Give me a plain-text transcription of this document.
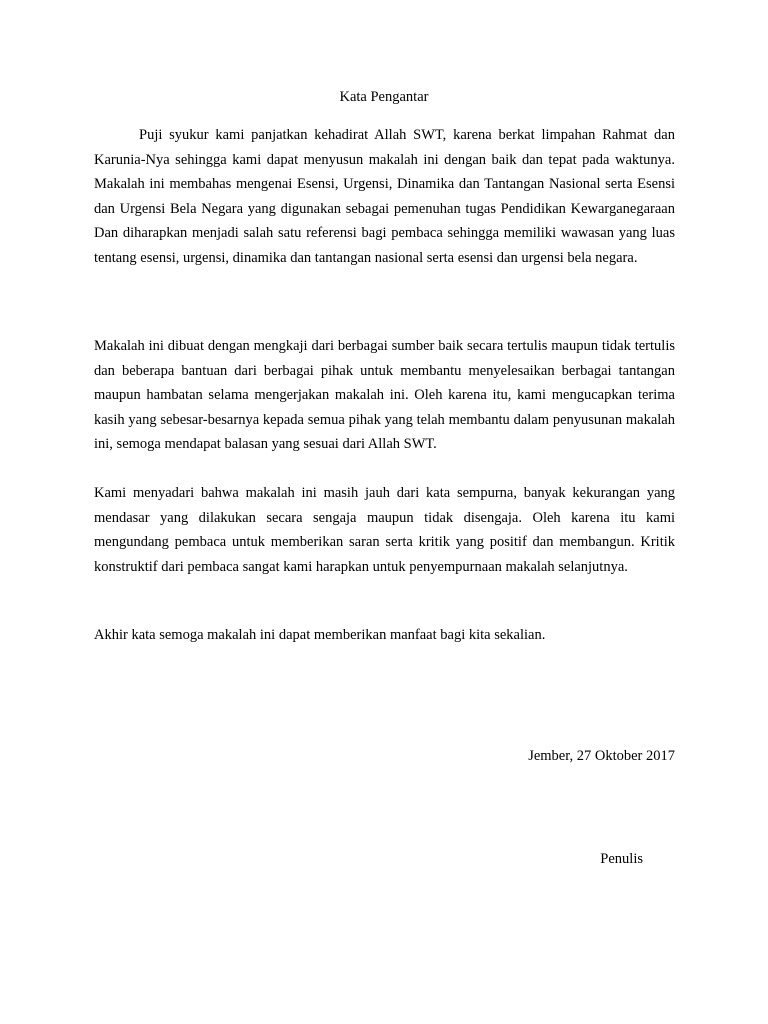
Kata Pengantar

Puji syukur kami panjatkan kehadirat Allah SWT, karena berkat limpahan Rahmat dan Karunia-Nya sehingga kami dapat menyusun makalah ini dengan baik dan tepat pada waktunya. Makalah ini membahas mengenai Esensi, Urgensi, Dinamika dan Tantangan Nasional serta Esensi dan Urgensi Bela Negara yang digunakan sebagai pemenuhan tugas Pendidikan Kewarganegaraan Dan diharapkan menjadi salah satu referensi bagi pembaca sehingga memiliki wawasan yang luas tentang esensi, urgensi, dinamika dan tantangan nasional serta esensi dan urgensi bela negara.

Makalah ini dibuat dengan mengkaji dari berbagai sumber baik secara tertulis maupun tidak tertulis dan beberapa bantuan dari berbagai pihak untuk membantu menyelesaikan berbagai tantangan maupun hambatan selama mengerjakan makalah ini. Oleh karena itu, kami mengucapkan terima kasih yang sebesar-besarnya kepada semua pihak yang telah membantu dalam penyusunan makalah ini, semoga mendapat balasan yang sesuai dari Allah SWT.

Kami menyadari bahwa makalah ini masih jauh dari kata sempurna, banyak kekurangan yang mendasar yang dilakukan secara sengaja maupun tidak disengaja. Oleh karena itu kami mengundang pembaca untuk memberikan saran serta kritik yang positif dan membangun. Kritik konstruktif dari pembaca sangat kami harapkan untuk penyempurnaan makalah selanjutnya.

Akhir kata semoga makalah ini dapat memberikan manfaat bagi kita sekalian.

Jember, 27 Oktober 2017
Penulis
